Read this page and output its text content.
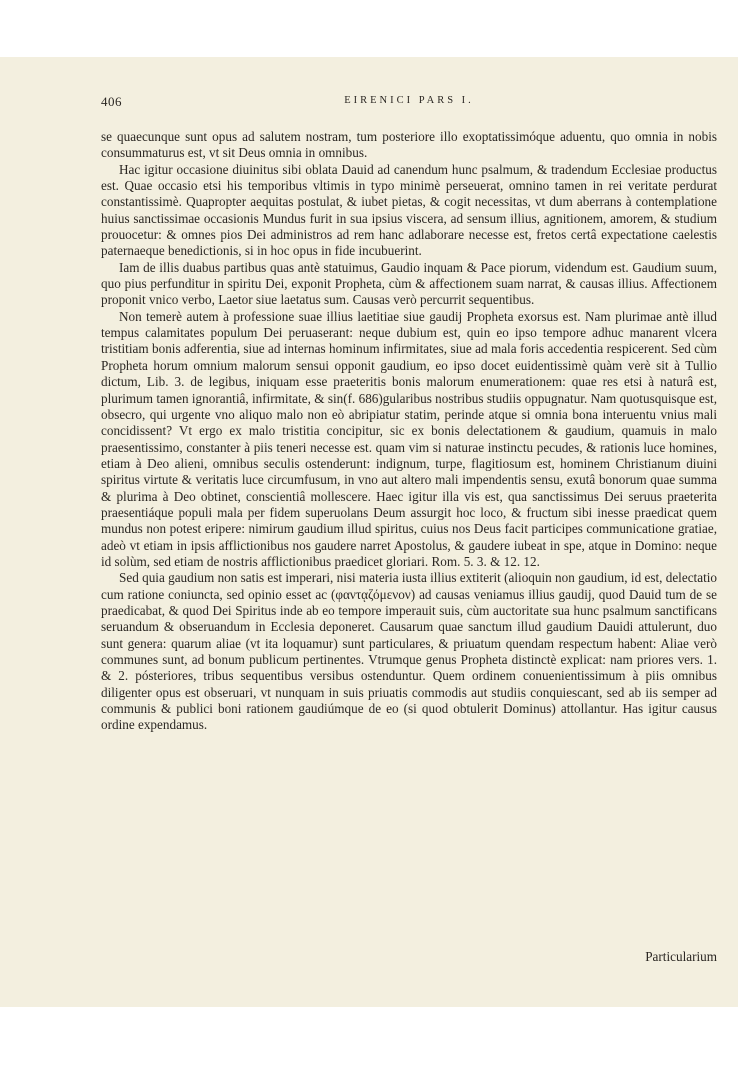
406	EIRENICI PARS I.

se quaecunque sunt opus ad salutem nostram, tum posteriore illo exoptatissimóque aduentu, quo omnia in nobis consummaturus est, vt sit Deus omnia in omnibus.

Hac igitur occasione diuinitus sibi oblata Dauid ad canendum hunc psalmum, & tradendum Ecclesiae productus est. Quae occasio etsi his temporibus vltimis in typo minimè perseuerat, omnino tamen in rei veritate perdurat constantissimè. Quapropter aequitas postulat, & iubet pietas, & cogit necessitas, vt dum aberrans à contemplatione huius sanctissimae occasionis Mundus furit in sua ipsius viscera, ad sensum illius, agnitionem, amorem, & studium prouocetur: & omnes pios Dei administros ad rem hanc adlaborare necesse est, fretos certâ expectatione caelestis paternaeque benedictionis, si in hoc opus in fide incubuerint.

Iam de illis duabus partibus quas antè statuimus, Gaudio inquam & Pace piorum, videndum est. Gaudium suum, quo pius perfunditur in spiritu Dei, exponit Propheta, cùm & affectionem suam narrat, & causas illius. Affectionem proponit vnico verbo, Laetor siue laetatus sum. Causas verò percurrit sequentibus.

Non temerè autem à professione suae illius laetitiae siue gaudij Propheta exorsus est. Nam plurimae antè illud tempus calamitates populum Dei peruaserant: neque dubium est, quin eo ipso tempore adhuc manarent vlcera tristitiam bonis adferentia, siue ad internas hominum infirmitates, siue ad mala foris accedentia respicerent. Sed cùm Propheta horum omnium malorum sensui opponit gaudium, eo ipso docet euidentissimè quàm verè sit à Tullio dictum, Lib. 3. de legibus, iniquam esse praeteritis bonis malorum enumerationem: quae res etsi à naturâ est, plurimum tamen ignorantiâ, infirmitate, & sin(f. 686)gularibus nostribus studiis oppugnatur. Nam quotusquisque est, obsecro, qui urgente vno aliquo malo non eò abripiatur statim, perinde atque si omnia bona interuentu vnius mali concidissent? Vt ergo ex malo tristitia concipitur, sic ex bonis delectationem & gaudium, quamuis in malo praesentissimo, constanter à piis teneri necesse est. quam vim si naturae instinctu pecudes, & rationis luce homines, etiam à Deo alieni, omnibus seculis ostenderunt: indignum, turpe, flagitiosum est, hominem Christianum diuini spiritus virtute & veritatis luce circumfusum, in vno aut altero mali impendentis sensu, exutâ bonorum quae summa & plurima à Deo obtinet, conscientiâ mollescere. Haec igitur illa vis est, qua sanctissimus Dei seruus praeterita praesentiáque populi mala per fidem superuolans Deum assurgit hoc loco, & fructum sibi inesse praedicat quem mundus non potest eripere: nimirum gaudium illud spiritus, cuius nos Deus facit participes communicatione gratiae, adeò vt etiam in ipsis afflictionibus nos gaudere narret Apostolus, & gaudere iubeat in spe, atque in Domino: neque id solùm, sed etiam de nostris afflictionibus praedicet gloriari. Rom. 5. 3. & 12. 12.

Sed quia gaudium non satis est imperari, nisi materia iusta illius extiterit (alioquin non gaudium, id est, delectatio cum ratione coniuncta, sed opinio esset ac (φαντᾳζόμενον) ad causas veniamus illius gaudij, quod Dauid tum de se praedicabat, & quod Dei Spiritus inde ab eo tempore imperauit suis, cùm auctoritate sua hunc psalmum sanctificans seruandum & obseruandum in Ecclesia deponeret. Causarum quae sanctum illud gaudium Dauidi attulerunt, duo sunt genera: quarum aliae (vt ita loquamur) sunt particulares, & priuatum quendam respectum habent: Aliae verò communes sunt, ad bonum publicum pertinentes. Vtrumque genus Propheta distinctè explicat: nam priores vers. 1. & 2. pósteriores, tribus sequentibus versibus ostenduntur. Quem ordinem conuenientissimum à piis omnibus diligenter opus est obseruari, vt nunquam in suis priuatis commodis aut studiis conquiescant, sed ab iis semper ad communis & publici boni rationem gaudiúmque de eo (si quod obtulerit Dominus) attollantur. Has igitur causus ordine expendamus.

Particularium
